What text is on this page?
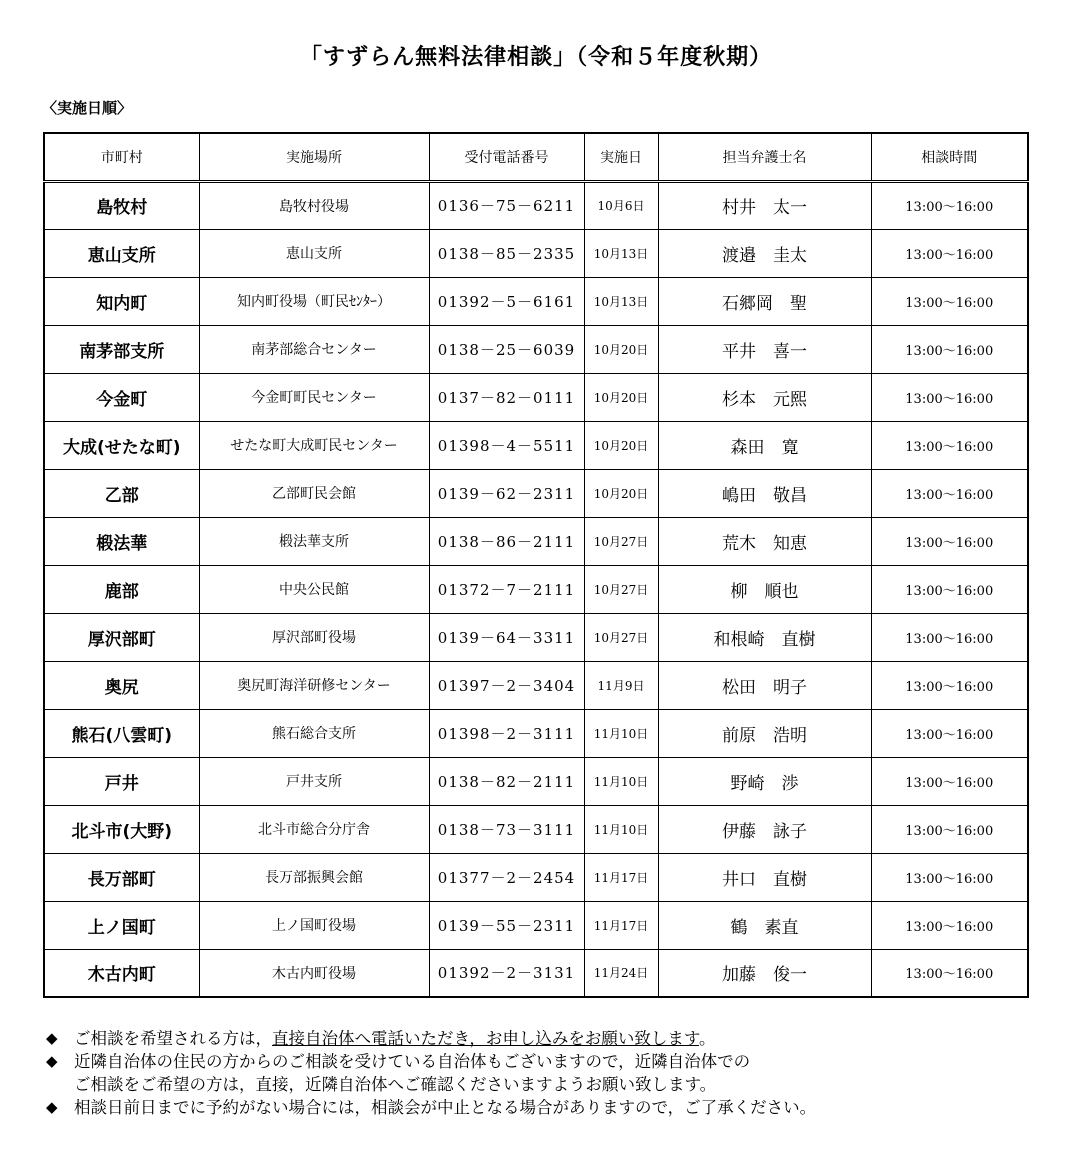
「すずらん無料法律相談」（令和５年度秋期）
〈実施日順〉
市町村	実施場所	受付電話番号	実施日	担当弁護士名	相談時間
島牧村	島牧村役場	0136－75－6211	10月6日	村井　太一	13:00～16:00
恵山支所	恵山支所	0138－85－2335	10月13日	渡邉　圭太	13:00～16:00
知内町	知内町役場（町民ｾﾝﾀｰ）	01392－5－6161	10月13日	石郷岡　聖	13:00～16:00
南茅部支所	南茅部総合センター	0138－25－6039	10月20日	平井　喜一	13:00～16:00
今金町	今金町町民センター	0137－82－0111	10月20日	杉本　元熙	13:00～16:00
大成(せたな町)	せたな町大成町民センター	01398－4－5511	10月20日	森田　寛	13:00～16:00
乙部	乙部町民会館	0139－62－2311	10月20日	嶋田　敬昌	13:00～16:00
椴法華	椴法華支所	0138－86－2111	10月27日	荒木　知恵	13:00～16:00
鹿部	中央公民館	01372－7－2111	10月27日	柳　順也	13:00～16:00
厚沢部町	厚沢部町役場	0139－64－3311	10月27日	和根崎　直樹	13:00～16:00
奥尻	奥尻町海洋研修センター	01397－2－3404	11月9日	松田　明子	13:00～16:00
熊石(八雲町)	熊石総合支所	01398－2－3111	11月10日	前原　浩明	13:00～16:00
戸井	戸井支所	0138－82－2111	11月10日	野崎　渉	13:00～16:00
北斗市(大野)	北斗市総合分庁舎	0138－73－3111	11月10日	伊藤　詠子	13:00～16:00
長万部町	長万部振興会館	01377－2－2454	11月17日	井口　直樹	13:00～16:00
上ノ国町	上ノ国町役場	0139－55－2311	11月17日	鶴　素直	13:00～16:00
木古内町	木古内町役場	01392－2－3131	11月24日	加藤　俊一	13:00～16:00
◆ ご相談を希望される方は，直接自治体へ電話いただき，お申し込みをお願い致します。
◆ 近隣自治体の住民の方からのご相談を受けている自治体もございますので，近隣自治体での
ご相談をご希望の方は，直接，近隣自治体へご確認くださいますようお願い致します。
◆ 相談日前日までに予約がない場合には，相談会が中止となる場合がありますので，ご了承ください。
